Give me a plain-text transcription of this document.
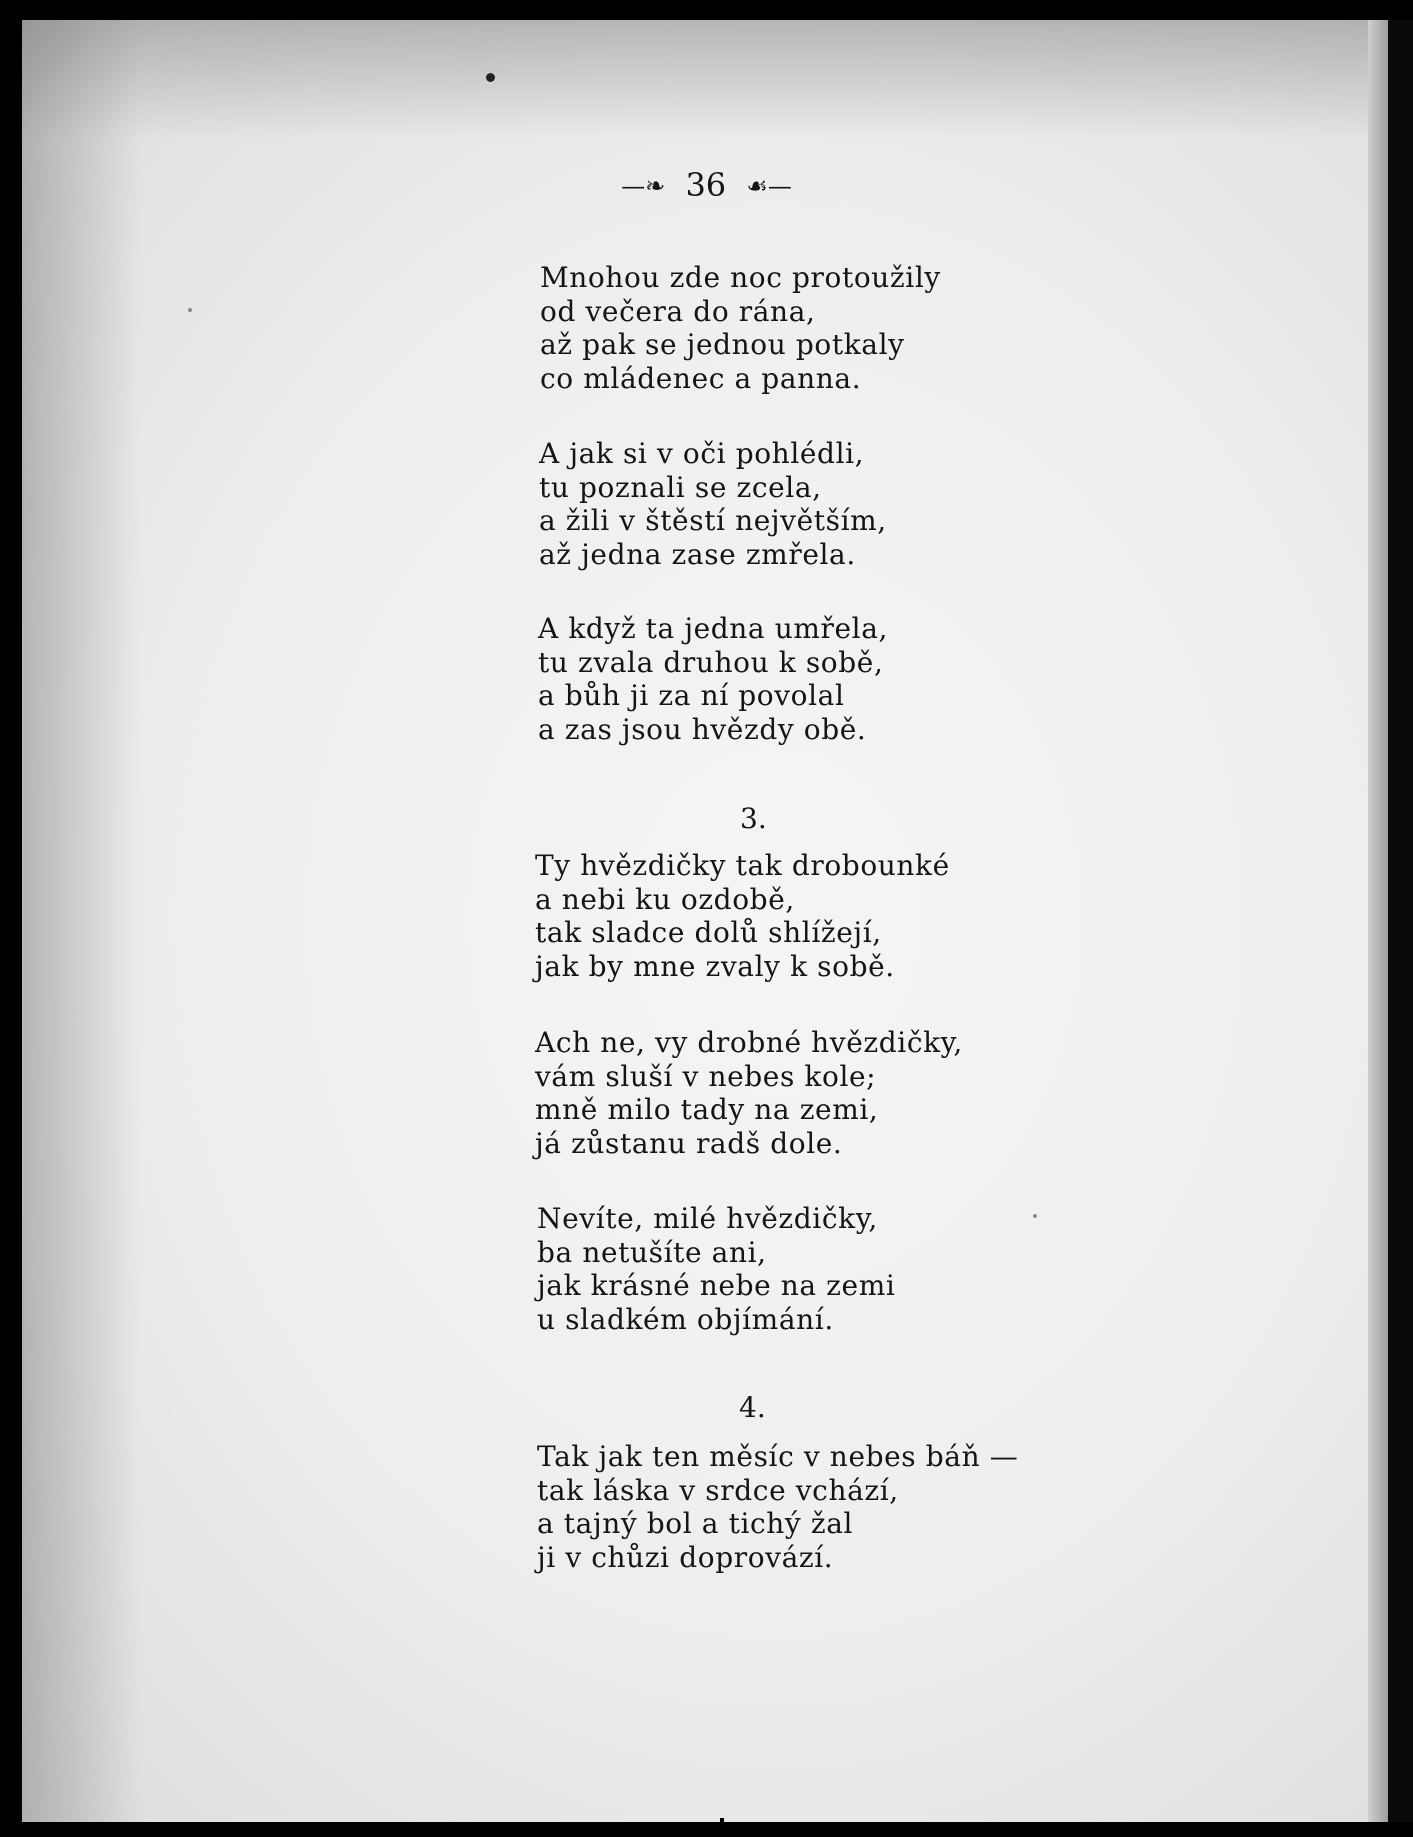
—❧ 36 ☙—
Mnohou zde noc protoužily
od večera do rána,
až pak se jednou potkaly
co mládenec a panna.
A jak si v oči pohlédli,
tu poznali se zcela,
a žili v štěstí největším,
až jedna zase zmřela.
A když ta jedna umřela,
tu zvala druhou k sobě,
a bůh ji za ní povolal
a zas jsou hvězdy obě.
3.
Ty hvězdičky tak drobounké
a nebi ku ozdobě,
tak sladce dolů shlížejí,
jak by mne zvaly k sobě.
Ach ne, vy drobné hvězdičky,
vám sluší v nebes kole;
mně milo tady na zemi,
já zůstanu radš dole.
Nevíte, milé hvězdičky,
ba netušíte ani,
jak krásné nebe na zemi
u sladkém objímání.
4.
Tak jak ten měsíc v nebes báň —
tak láska v srdce vchází,
a tajný bol a tichý žal
ji v chůzi doprovází.
